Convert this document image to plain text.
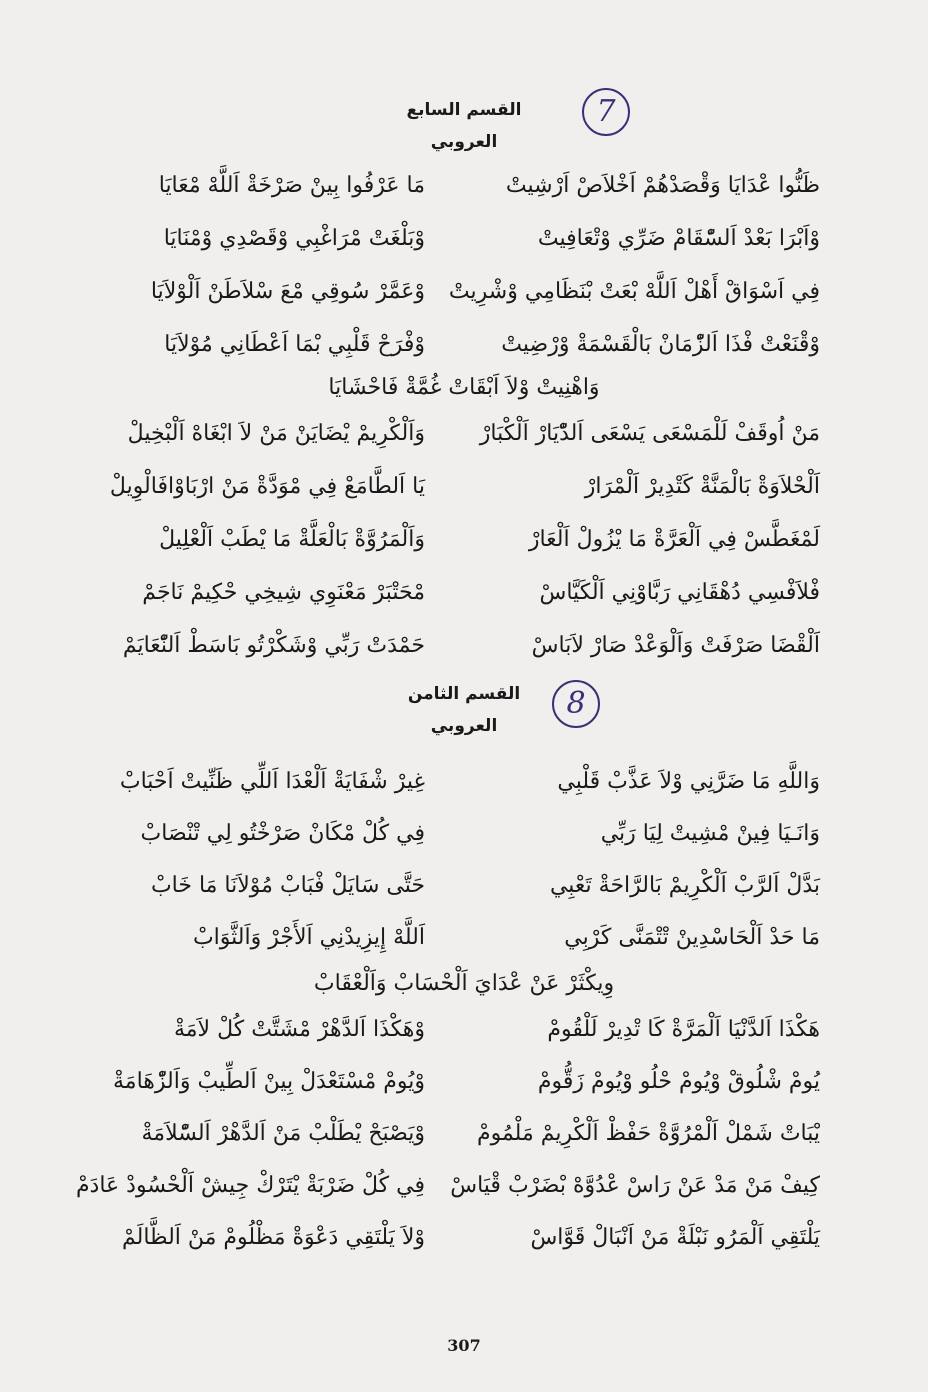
7
القسم السابع
العروبي
ظَنُّوا عْدَايَا وَقْصَدْهُمْ اَخْلاَصْ اَرْشِيتْ
مَا عَرْفُوا بِينْ صَرْخَةْ اَللَّهْ مْعَايَا
وْاَبْرَا بَعْدْ اَلسّْقَامْ ضَرِّي وْتْعَافِيتْ
وْبَلْغَتْ مْرَاغْبِي وْقَصْدِي وْمْنَايَا
فِي اَسْوَاقْ أَهْلْ اَللَّهْ بْعَتْ بْنَظَامِي وْشْرِيتْ
وْعَمَّرْ سُوقِي مْعَ سْلاَطَنْ اَلْوْلاَيَا
وْقْنَعْتْ فْذَا اَلزّْمَانْ بَالْقَسْمَةْ وْرْضِيتْ
وْفْرَحْ قَلْبِي بْمَا اَعْطَانِي مُوْلاَيَا
وَاهْنِيتْ وْلاَ اَبْقَاتْ غُمَّةْ فَاحْشَايَا
مَنْ اُوقَفْ لَلْمَسْعَى يَسْعَى اَلدّْيَارْ اَلْكْبَارْ
وَاَلْكْرِيمْ يْضَايَنْ مَنْ لاَ ابْغَاهْ اَلْبْخِيلْ
اَلْحْلاَوَةْ بَالْمَنَّةْ كَتْدِيرْ اَلْمْرَارْ
يَا اَلطَّامَعْ فِي مْوَدَّةْ مَنْ ارْبَاوْافَالْوِيلْ
لَمْغَطَّسْ فِي اَلْعَرَّةْ مَا يْزُولْ اَلْعَارْ
وَاَلْمَرُوَّةْ بَالْعَلَّةْ مَا يْطَبْ اَلْعْلِيلْ
فْلاَفْسِي دُهْقَانِي رَبَّاوْنِي اَلْكَيَّاسْ
مْحَتْبَرْ مَعْنَوِي شِيخِي حْكِيمْ نَاجَمْ
اَلْقْضَا صَرْفَتْ وَاَلْوَعْدْ صَارْ لاَبَاسْ
حَمْدَتْ رَبِّي وْشَكْرْتُو بَاسَطْ اَلنّْعَايَمْ
8
القسم الثامن
العروبي
وَاللَّهِ مَا ضَرَّنِي وْلاَ عَذَّبْ قَلْبِي
غِيرْ شْفَايَةْ اَلْعْدَا اَللِّي ظَنِّيتْ اَحْبَابْ
وَانَـيَا فِينْ مْشِيتْ لِيَا رَبِّي
فِي كُلْ مْكَانْ صَرْخْتُو لِي تْنْصَابْ
بَدَّلْ اَلرَّبْ اَلْكْرِيمْ بَالرَّاحَةْ تَعْبِي
حَتَّى سَايَلْ فْبَابْ مُوْلاَنَا مَا خَابْ
مَا حَدْ اَلْحَاسْدِينْ تْتْمَنَّى كَرْبِي
اَللَّهْ إِيزِيدْنِي اَلأَجْرْ وَاَلثَّوَابْ
وِيكْثَرْ عَنْ عْدَايَ اَلْحْسَابْ وَاَلْعْقَابْ
هَكْذَا اَلدَّنْيَا اَلْمَرَّةْ كَا تْدِيرْ لَلْقُومْ
وْهَكْذَا اَلدَّهْرْ مْشَتَّتْ كُلْ لاَمَةْ
يُومْ شْلُوقْ وْيُومْ حْلُو وْيُومْ زَقُّومْ
وْيُومْ مْسْتَعْدَلْ بِينْ اَلطِّيبْ وَاَلزّْهَامَةْ
يْبَاتْ شَمْلْ اَلْمْرُوَّةْ حَفْظْ اَلْكْرِيمْ مَلْمُومْ
وْيَصْبَحْ يْطَلْبْ مَنْ اَلدَّهْرْ اَلسّْلاَمَةْ
كِيفْ مَنْ مَدْ عَنْ رَاسْ عْدُوَّهْ بْضَرْبْ قْيَاسْ
فِي كُلْ ضَرْبَةْ يْتَرْكْ جِيشْ اَلْحْسُودْ عَادَمْ
يَلْتَقِي اَلْمَرُو نَبْلَةْ مَنْ اَنْبَالْ قَوَّاسْ
وْلاَ يَلْتَقِي دَعْوَةْ مَظْلُومْ مَنْ اَلظَّالَمْ
307
